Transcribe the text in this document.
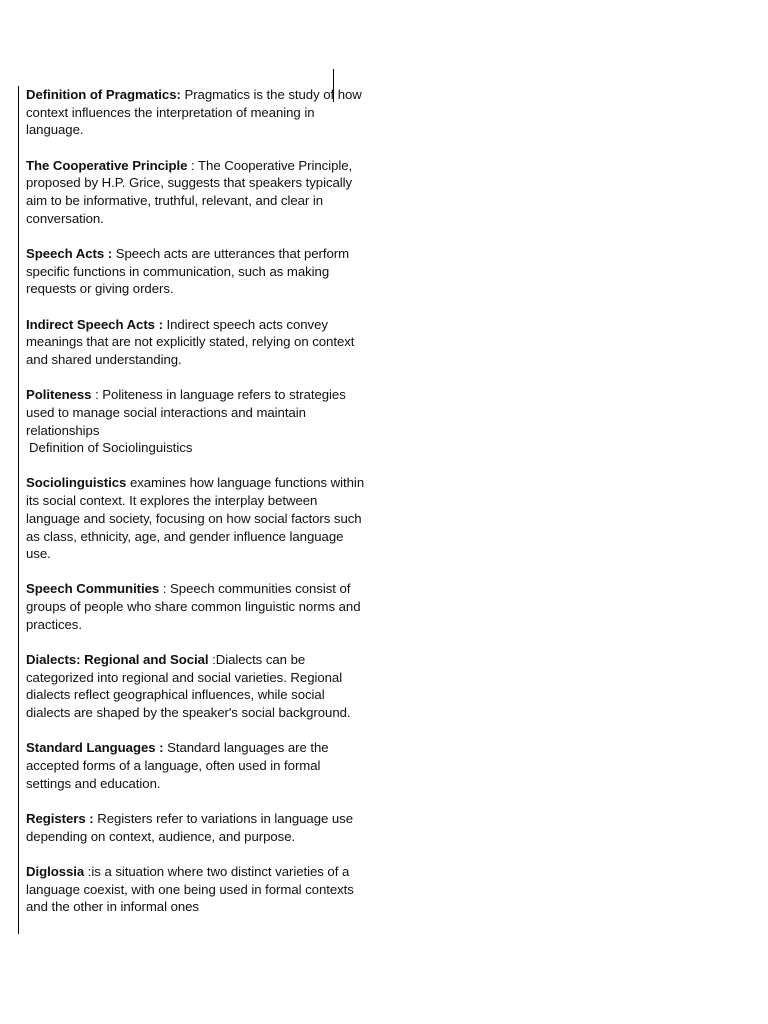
Definition of Pragmatics: Pragmatics is the study of how context influences the interpretation of meaning in language.

The Cooperative Principle : The Cooperative Principle, proposed by H.P. Grice, suggests that speakers typically aim to be informative, truthful, relevant, and clear in conversation.

Speech Acts : Speech acts are utterances that perform specific functions in communication, such as making requests or giving orders.

Indirect Speech Acts : Indirect speech acts convey meanings that are not explicitly stated, relying on context and shared understanding.

Politeness : Politeness in language refers to strategies used to manage social interactions and maintain relationships

Definition of Sociolinguistics

Sociolinguistics examines how language functions within its social context. It explores the interplay between language and society, focusing on how social factors such as class, ethnicity, age, and gender influence language use.

Speech Communities : Speech communities consist of groups of people who share common linguistic norms and practices.

Dialects: Regional and Social :Dialects can be categorized into regional and social varieties. Regional dialects reflect geographical influences, while social dialects are shaped by the speaker's social background.

Standard Languages : Standard languages are the accepted forms of a language, often used in formal settings and education.

Registers : Registers refer to variations in language use depending on context, audience, and purpose.

Diglossia :is a situation where two distinct varieties of a language coexist, with one being used in formal contexts and the other in informal ones
